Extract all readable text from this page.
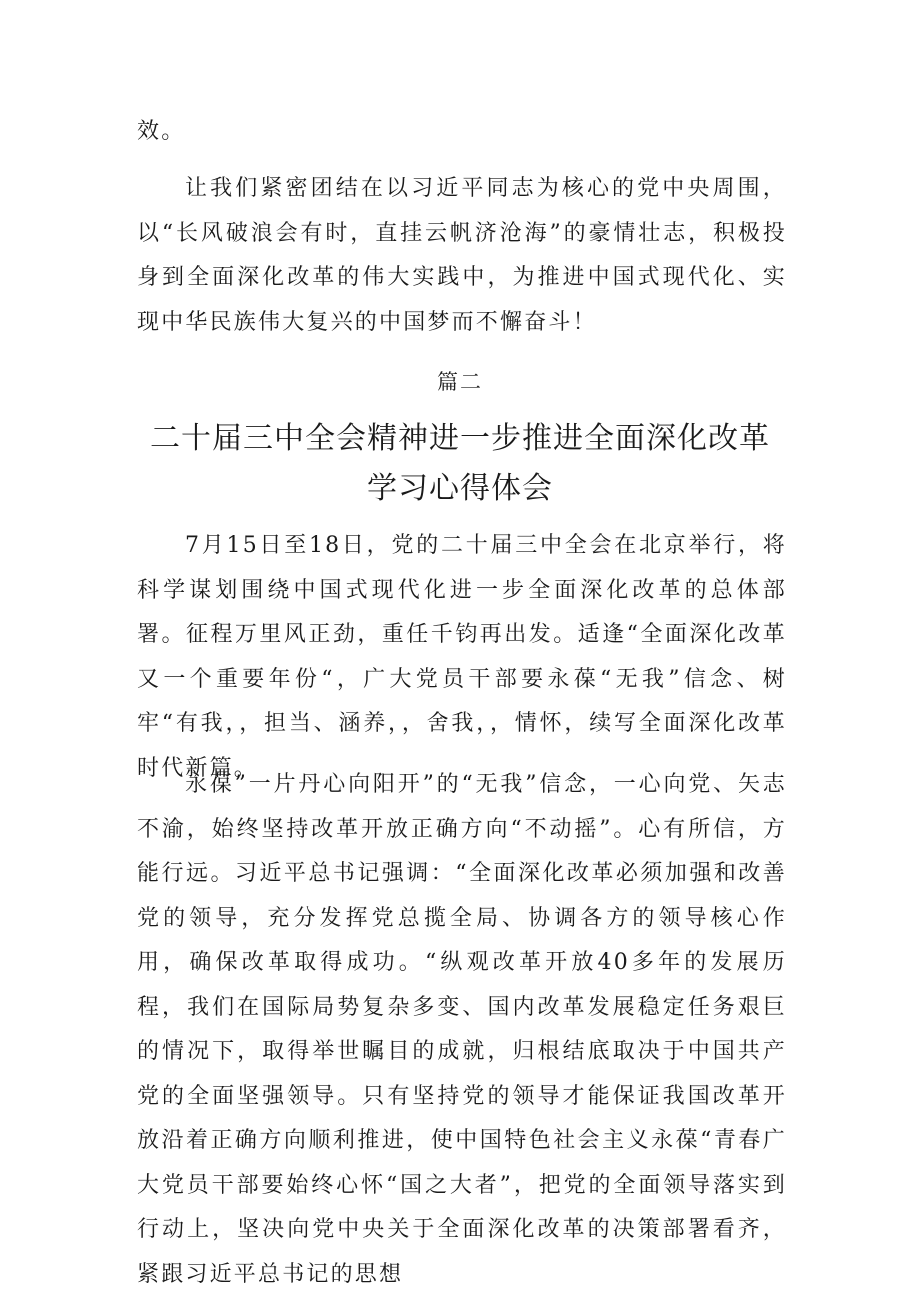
效。

让我们紧密团结在以习近平同志为核心的党中央周围，以“长风破浪会有时，直挂云帆济沧海”的豪情壮志，积极投身到全面深化改革的伟大实践中，为推进中国式现代化、实现中华民族伟大复兴的中国梦而不懈奋斗！

篇二

二十届三中全会精神进一步推进全面深化改革
学习心得体会

7月15日至18日，党的二十届三中全会在北京举行，将科学谋划围绕中国式现代化进一步全面深化改革的总体部署。征程万里风正劲，重任千钧再出发。适逢“全面深化改革又一个重要年份“，广大党员干部要永葆“无我”信念、树牢“有我，，担当、涵养，，舍我，，情怀，续写全面深化改革时代新篇。

永葆”一片丹心向阳开”的“无我”信念，一心向党、矢志不渝，始终坚持改革开放正确方向“不动摇”。心有所信，方能行远。习近平总书记强调：“全面深化改革必须加强和改善党的领导，充分发挥党总揽全局、协调各方的领导核心作用，确保改革取得成功。“纵观改革开放40多年的发展历程，我们在国际局势复杂多变、国内改革发展稳定任务艰巨的情况下，取得举世瞩目的成就，归根结底取决于中国共产党的全面坚强领导。只有坚持党的领导才能保证我国改革开放沿着正确方向顺利推进，使中国特色社会主义永葆“青春广大党员干部要始终心怀“国之大者”，把党的全面领导落实到行动上，坚决向党中央关于全面深化改革的决策部署看齐，紧跟习近平总书记的思想
